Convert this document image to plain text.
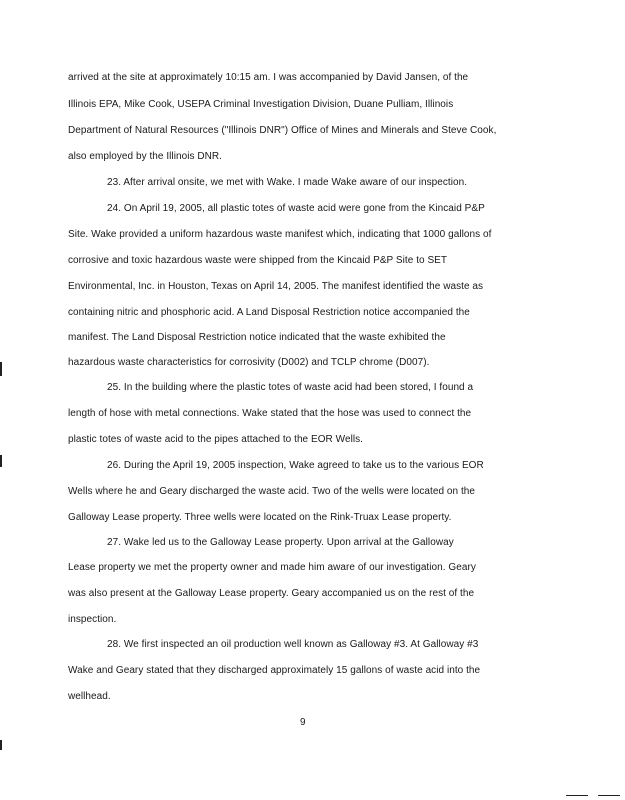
arrived at the site at approximately 10:15 am. I was accompanied by David Jansen, of the
Illinois EPA, Mike Cook, USEPA Criminal Investigation Division, Duane Pulliam, Illinois
Department of Natural Resources ("Illinois DNR") Office of Mines and Minerals and Steve Cook,
also employed by the Illinois DNR.
23. After arrival onsite, we met with Wake. I made Wake aware of our inspection.
24. On April 19, 2005, all plastic totes of waste acid were gone from the Kincaid P&P
Site. Wake provided a uniform hazardous waste manifest which, indicating that 1000 gallons of
corrosive and toxic hazardous waste were shipped from the Kincaid P&P Site to SET
Environmental, Inc. in Houston, Texas on April 14, 2005. The manifest identified the waste as
containing nitric and phosphoric acid. A Land Disposal Restriction notice accompanied the
manifest. The Land Disposal Restriction notice indicated that the waste exhibited the
hazardous waste characteristics for corrosivity (D002) and TCLP chrome (D007).
25. In the building where the plastic totes of waste acid had been stored, I found a
length of hose with metal connections. Wake stated that the hose was used to connect the
plastic totes of waste acid to the pipes attached to the EOR Wells.
26. During the April 19, 2005 inspection, Wake agreed to take us to the various EOR
Wells where he and Geary discharged the waste acid. Two of the wells were located on the
Galloway Lease property. Three wells were located on the Rink-Truax Lease property.
27. Wake led us to the Galloway Lease property. Upon arrival at the Galloway
Lease property we met the property owner and made him aware of our investigation. Geary
was also present at the Galloway Lease property. Geary accompanied us on the rest of the
inspection.
28. We first inspected an oil production well known as Galloway #3. At Galloway #3
Wake and Geary stated that they discharged approximately 15 gallons of waste acid into the
wellhead.
9
